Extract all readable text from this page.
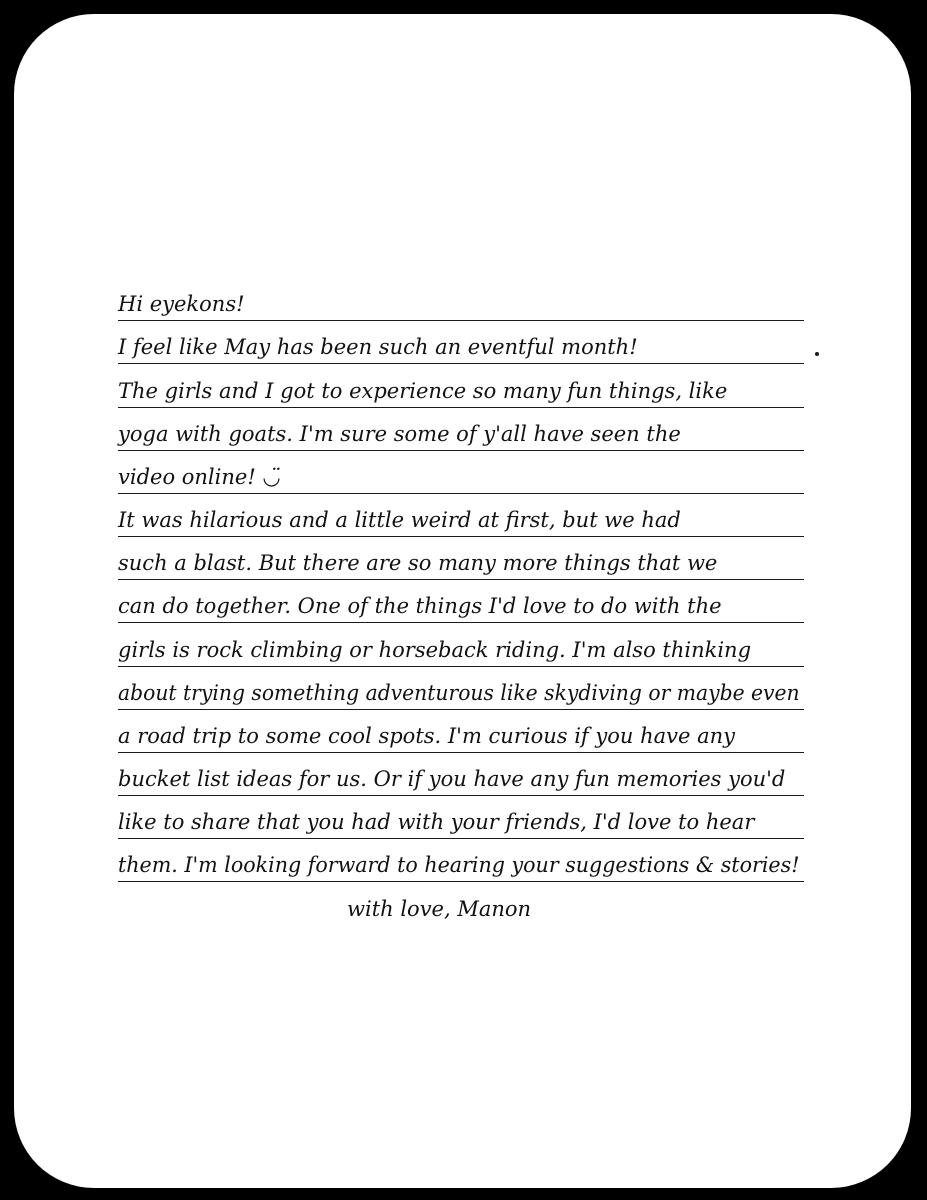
Hi eyekons!
I feel like May has been such an eventful month!
The girls and I got to experience so many fun things, like
yoga with goats. I'm sure some of y'all have seen the
video online! ◡̈
It was hilarious and a little weird at first, but we had
such a blast. But there are so many more things that we
can do together. One of the things I'd love to do with the
girls is rock climbing or horseback riding. I'm also thinking
about trying something adventurous like skydiving or maybe even
a road trip to some cool spots. I'm curious if you have any
bucket list ideas for us. Or if you have any fun memories you'd
like to share that you had with your friends, I'd love to hear
them. I'm looking forward to hearing your suggestions & stories!
with love, Manon
